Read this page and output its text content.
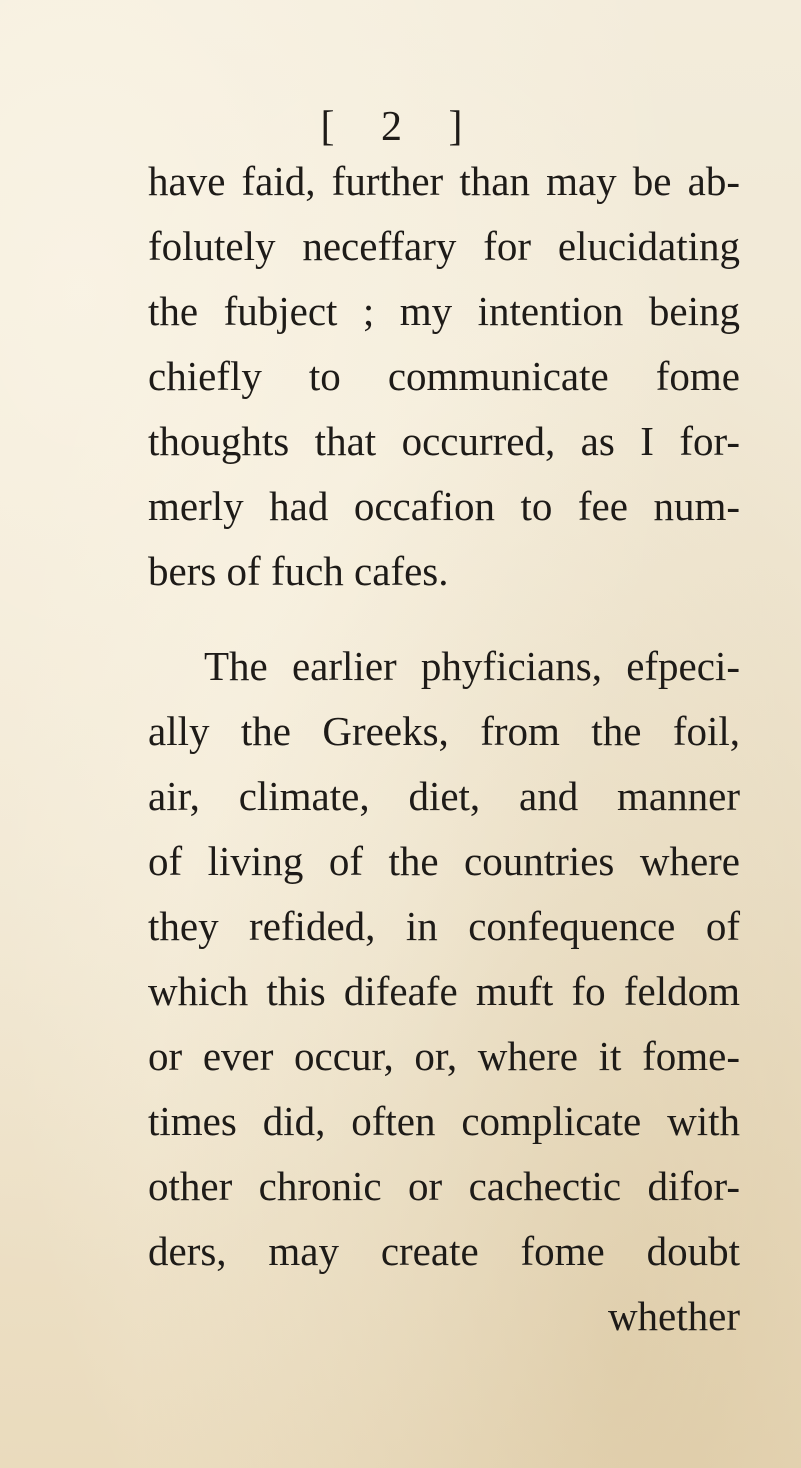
[ 2 ]
have faid, further than may be ab-
folutely neceffary for elucidating
the fubject ; my intention being
chiefly to communicate fome
thoughts that occurred, as I for-
merly had occafion to fee num-
bers of fuch cafes.
The earlier phyficians, efpeci-
ally the Greeks, from the foil,
air, climate, diet, and manner
of living of the countries where
they refided, in confequence of
which this difeafe muft fo feldom
or ever occur, or, where it fome-
times did, often complicate with
other chronic or cachectic difor-
ders, may create fome doubt
whether
